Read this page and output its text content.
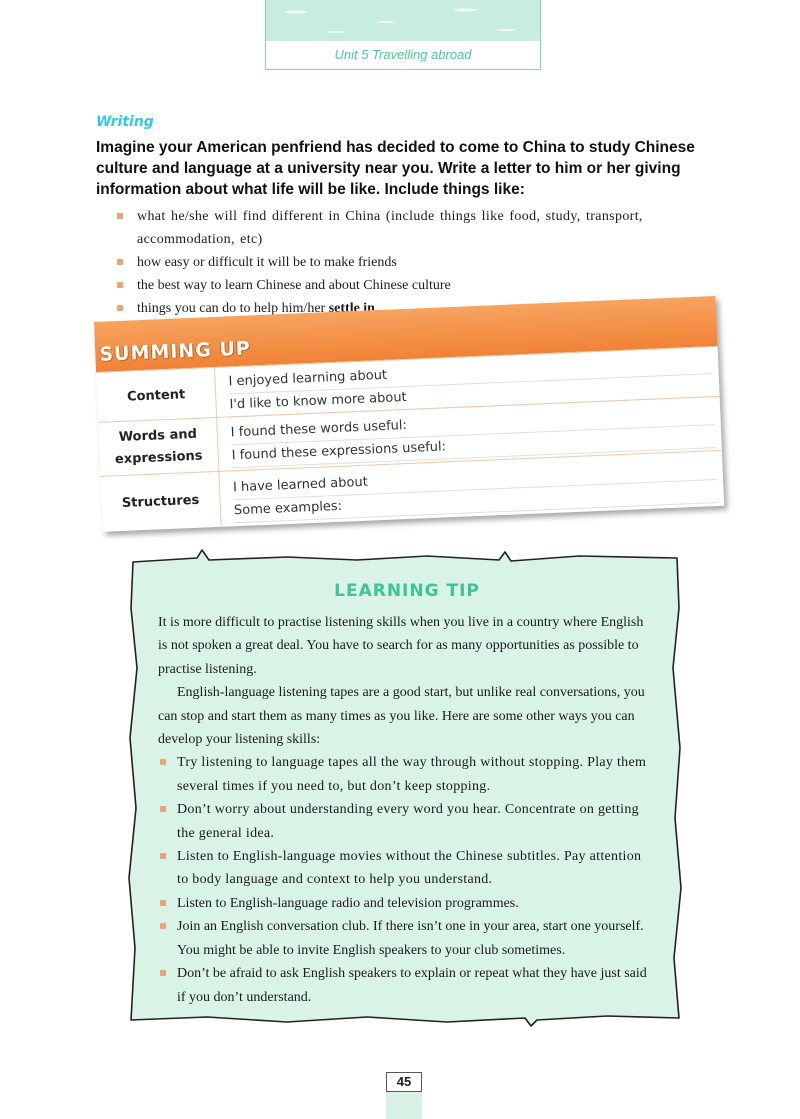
Unit 5 Travelling abroad
Writing
Imagine your American penfriend has decided to come to China to study Chinese culture and language at a university near you. Write a letter to him or her giving information about what life will be like. Include things like:
what he/she will find different in China (include things like food, study, transport, accommodation, etc)
how easy or difficult it will be to make friends
the best way to learn Chinese and about Chinese culture
things you can do to help him/her settle in
SUMMING UP
Content
I enjoyed learning about
I'd like to know more about
Words and
expressions
I found these words useful:
I found these expressions useful:
Structures
I have learned about
Some examples:
LEARNING TIP

It is more difficult to practise listening skills when you live in a country where English is not spoken a great deal. You have to search for as many opportunities as possible to practise listening.

English-language listening tapes are a good start, but unlike real conversations, you can stop and start them as many times as you like. Here are some other ways you can develop your listening skills:

Try listening to language tapes all the way through without stopping. Play them several times if you need to, but don’t keep stopping.
Don’t worry about understanding every word you hear. Concentrate on getting the general idea.
Listen to English-language movies without the Chinese subtitles. Pay attention to body language and context to help you understand.
Listen to English-language radio and television programmes.
Join an English conversation club. If there isn’t one in your area, start one yourself. You might be able to invite English speakers to your club sometimes.
Don’t be afraid to ask English speakers to explain or repeat what they have just said if you don’t understand.
45
